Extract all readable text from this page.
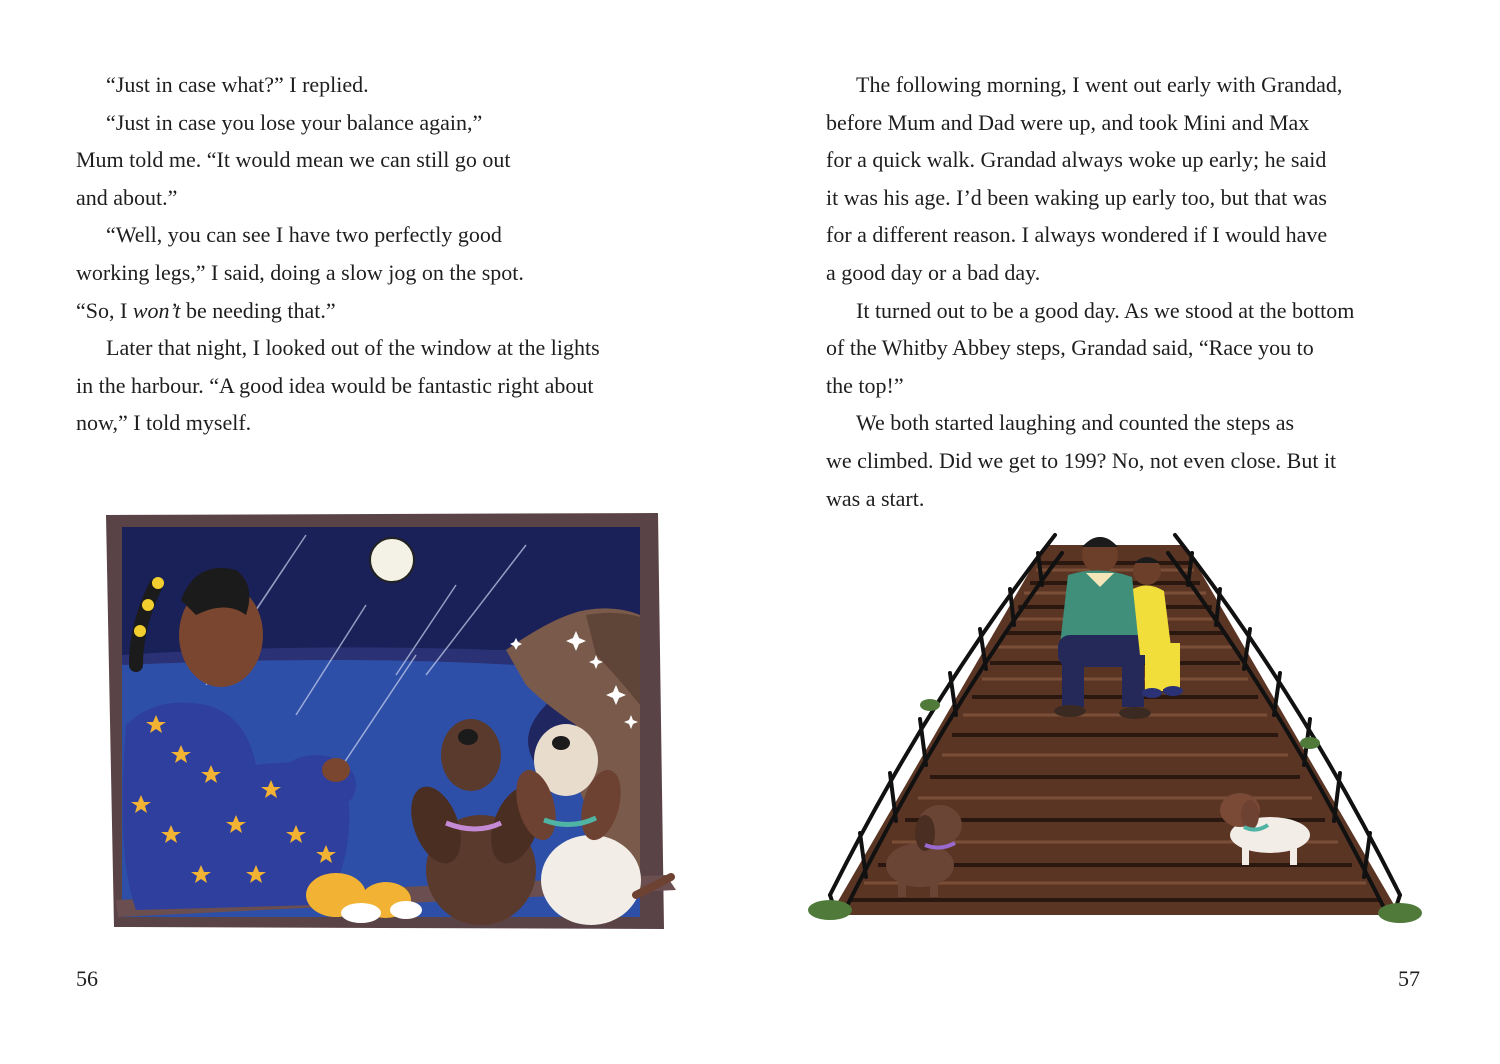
“Just in case what?” I replied.
“Just in case you lose your balance again,”
Mum told me. “It would mean we can still go out
and about.”
“Well, you can see I have two perfectly good
working legs,” I said, doing a slow jog on the spot.
“So, I won’t be needing that.”
Later that night, I looked out of the window at the lights
in the harbour. “A good idea would be fantastic right about
now,” I told myself.
56
The following morning, I went out early with Grandad,
before Mum and Dad were up, and took Mini and Max
for a quick walk. Grandad always woke up early; he said
it was his age. I’d been waking up early too, but that was
for a different reason. I always wondered if I would have
a good day or a bad day.
It turned out to be a good day. As we stood at the bottom
of the Whitby Abbey steps, Grandad said, “Race you to
the top!”
We both started laughing and counted the steps as
we climbed. Did we get to 199? No, not even close. But it
was a start.
57
